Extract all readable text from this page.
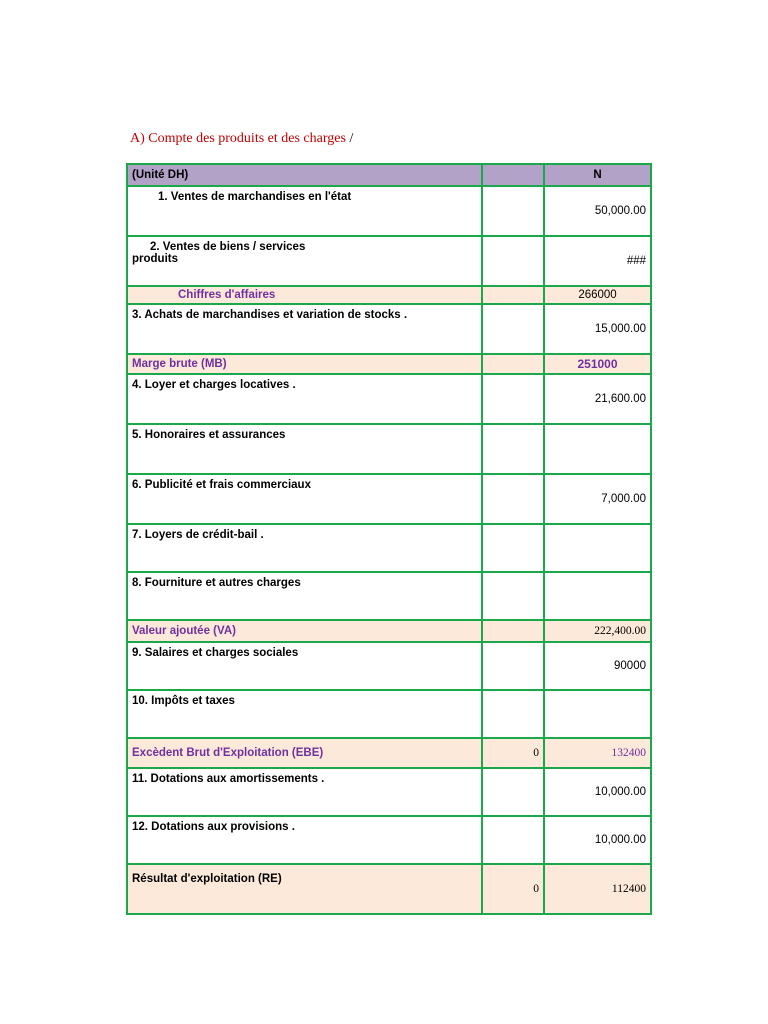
A) Compte des produits et des charges /
(Unité DH)		N

1. Ventes de marchandises en l'état		50,000.00

2. Ventes de biens / services
produits		###
Chiffres d'affaires		266000

3. Achats de marchandises et variation de stocks .		15,000.00
Marge brute (MB)		251000

4. Loyer et charges locatives .		21,600.00

5. Honoraires et assurances		

6. Publicité et frais commerciaux		7,000.00

7. Loyers de crédit-bail .		

8. Fourniture et autres charges		

Valeur ajoutée (VA)		222,400.00

9. Salaires et charges sociales		90000

10. Impôts et taxes		

Excèdent Brut d'Exploitation (EBE)	0	132400

11. Dotations aux amortissements .		10,000.00

12. Dotations aux provisions .		10,000.00

Résultat d'exploitation (RE)	0	112400
